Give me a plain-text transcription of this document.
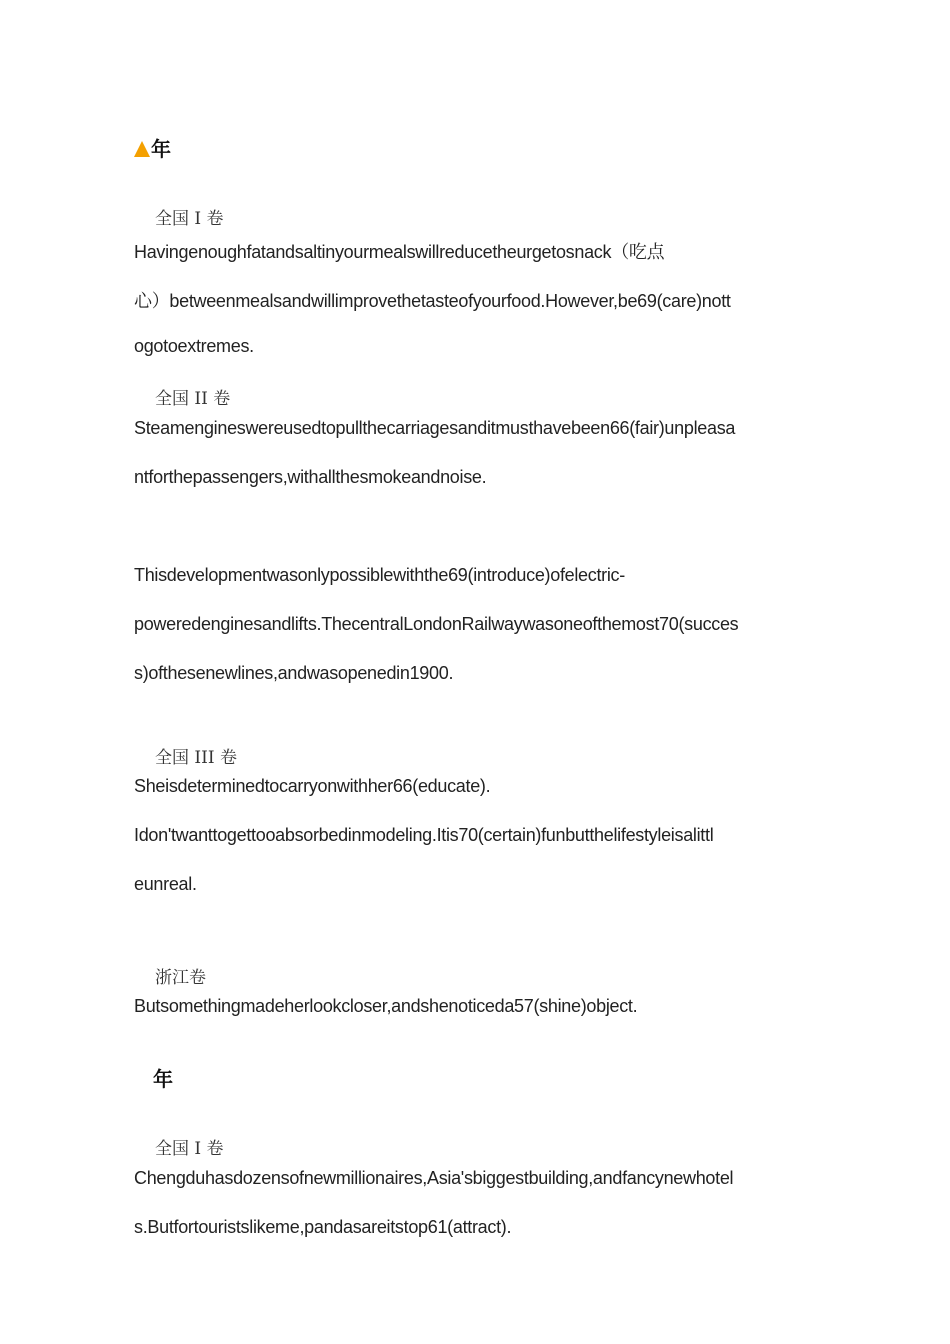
年
全国 I 卷
Havingenoughfatandsaltinyourmealswillreducetheurgetosnack（吃点
心）betweenmealsandwillimprovethetasteofyourfood.However,be69(care)nott
ogotoextremes.
全国 II 卷
Steamengineswereusedtopullthecarriagesanditmusthavebeen66(fair)unpleasa
ntforthepassengers,withallthesmokeandnoise.
Thisdevelopmentwasonlypossiblewiththe69(introduce)ofelectric-
poweredenginesandlifts.ThecentralLondonRailwaywasoneofthemost70(succes
s)ofthesenewlines,andwasopenedin1900.
全国 III 卷
Sheisdeterminedtocarryonwithher66(educate).
Idon'twanttogettooabsorbedinmodeling.Itis70(certain)funbutthelifestyleisalittl
eunreal.
浙江卷
Butsomethingmadeherlookcloser,andshenoticeda57(shine)object.
年
全国 I 卷
Chengduhasdozensofnewmillionaires,Asia'sbiggestbuilding,andfancynewhotel
s.Butfortouristslikeme,pandasareitstop61(attract).
